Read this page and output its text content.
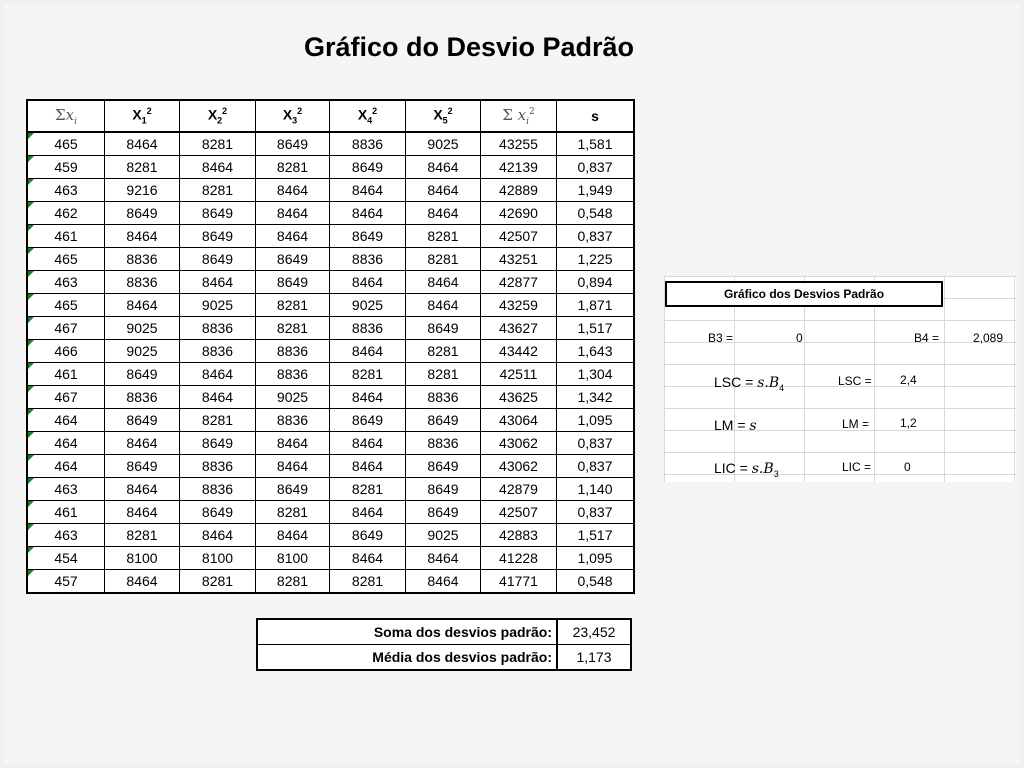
Gráfico do Desvio Padrão
$\Sigma x_i$	$X_1^2$	$X_2^2$	$X_3^2$	$X_4^2$	$X_5^2$	Σ $x_i^2$	s

465	8464	8281	8649	8836	9025	43255	1,581

459	8281	8464	8281	8649	8464	42139	0,837

463	9216	8281	8464	8464	8464	42889	1,949

462	8649	8649	8464	8464	8464	42690	0,548

461	8464	8649	8464	8649	8281	42507	0,837

465	8836	8649	8649	8836	8281	43251	1,225

463	8836	8464	8649	8464	8464	42877	0,894

465	8464	9025	8281	9025	8464	43259	1,871

467	9025	8836	8281	8836	8649	43627	1,517

466	9025	8836	8836	8464	8281	43442	1,643

461	8649	8464	8836	8281	8281	42511	1,304

467	8836	8464	9025	8464	8836	43625	1,342

464	8649	8281	8836	8649	8649	43064	1,095

464	8464	8649	8464	8464	8836	43062	0,837

464	8649	8836	8464	8464	8649	43062	0,837

463	8464	8836	8649	8281	8649	42879	1,140

461	8464	8649	8281	8464	8649	42507	0,837

463	8281	8464	8464	8649	9025	42883	1,517

454	8100	8100	8100	8464	8464	41228	1,095

457	8464	8281	8281	8281	8464	41771	0,548
Soma dos desvios padrão:	23,452
Média dos desvios padrão:	1,173
Gráfico dos Desvios Padrão
B3 =	0	B4 =	2,089
LSC = $s.B_4$	LSC = 2,4
LM = s	LM =	1,2
LIC = $s.B_3$	LIC =	0
